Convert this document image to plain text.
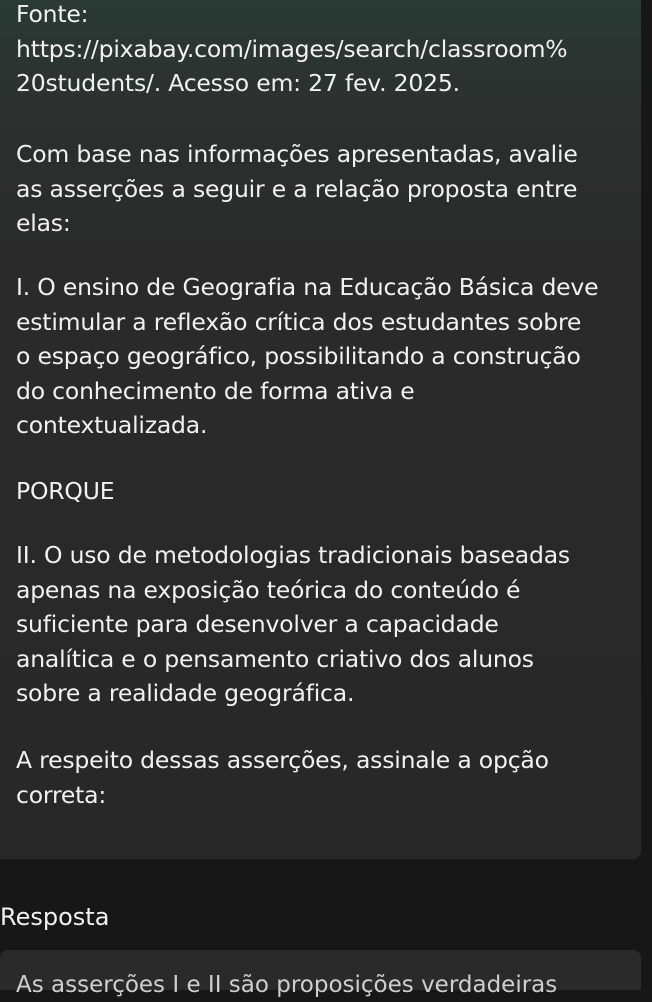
Fonte:
https://pixabay.com/images/search/classroom%
20students/. Acesso em: 27 fev. 2025.

Com base nas informações apresentadas, avalie
as asserções a seguir e a relação proposta entre
elas:

I. O ensino de Geografia na Educação Básica deve
estimular a reflexão crítica dos estudantes sobre
o espaço geográfico, possibilitando a construção
do conhecimento de forma ativa e
contextualizada.

PORQUE

II. O uso de metodologias tradicionais baseadas
apenas na exposição teórica do conteúdo é
suficiente para desenvolver a capacidade
analítica e o pensamento criativo dos alunos
sobre a realidade geográfica.

A respeito dessas asserções, assinale a opção
correta:

Resposta
As asserções I e II são proposições verdadeiras
